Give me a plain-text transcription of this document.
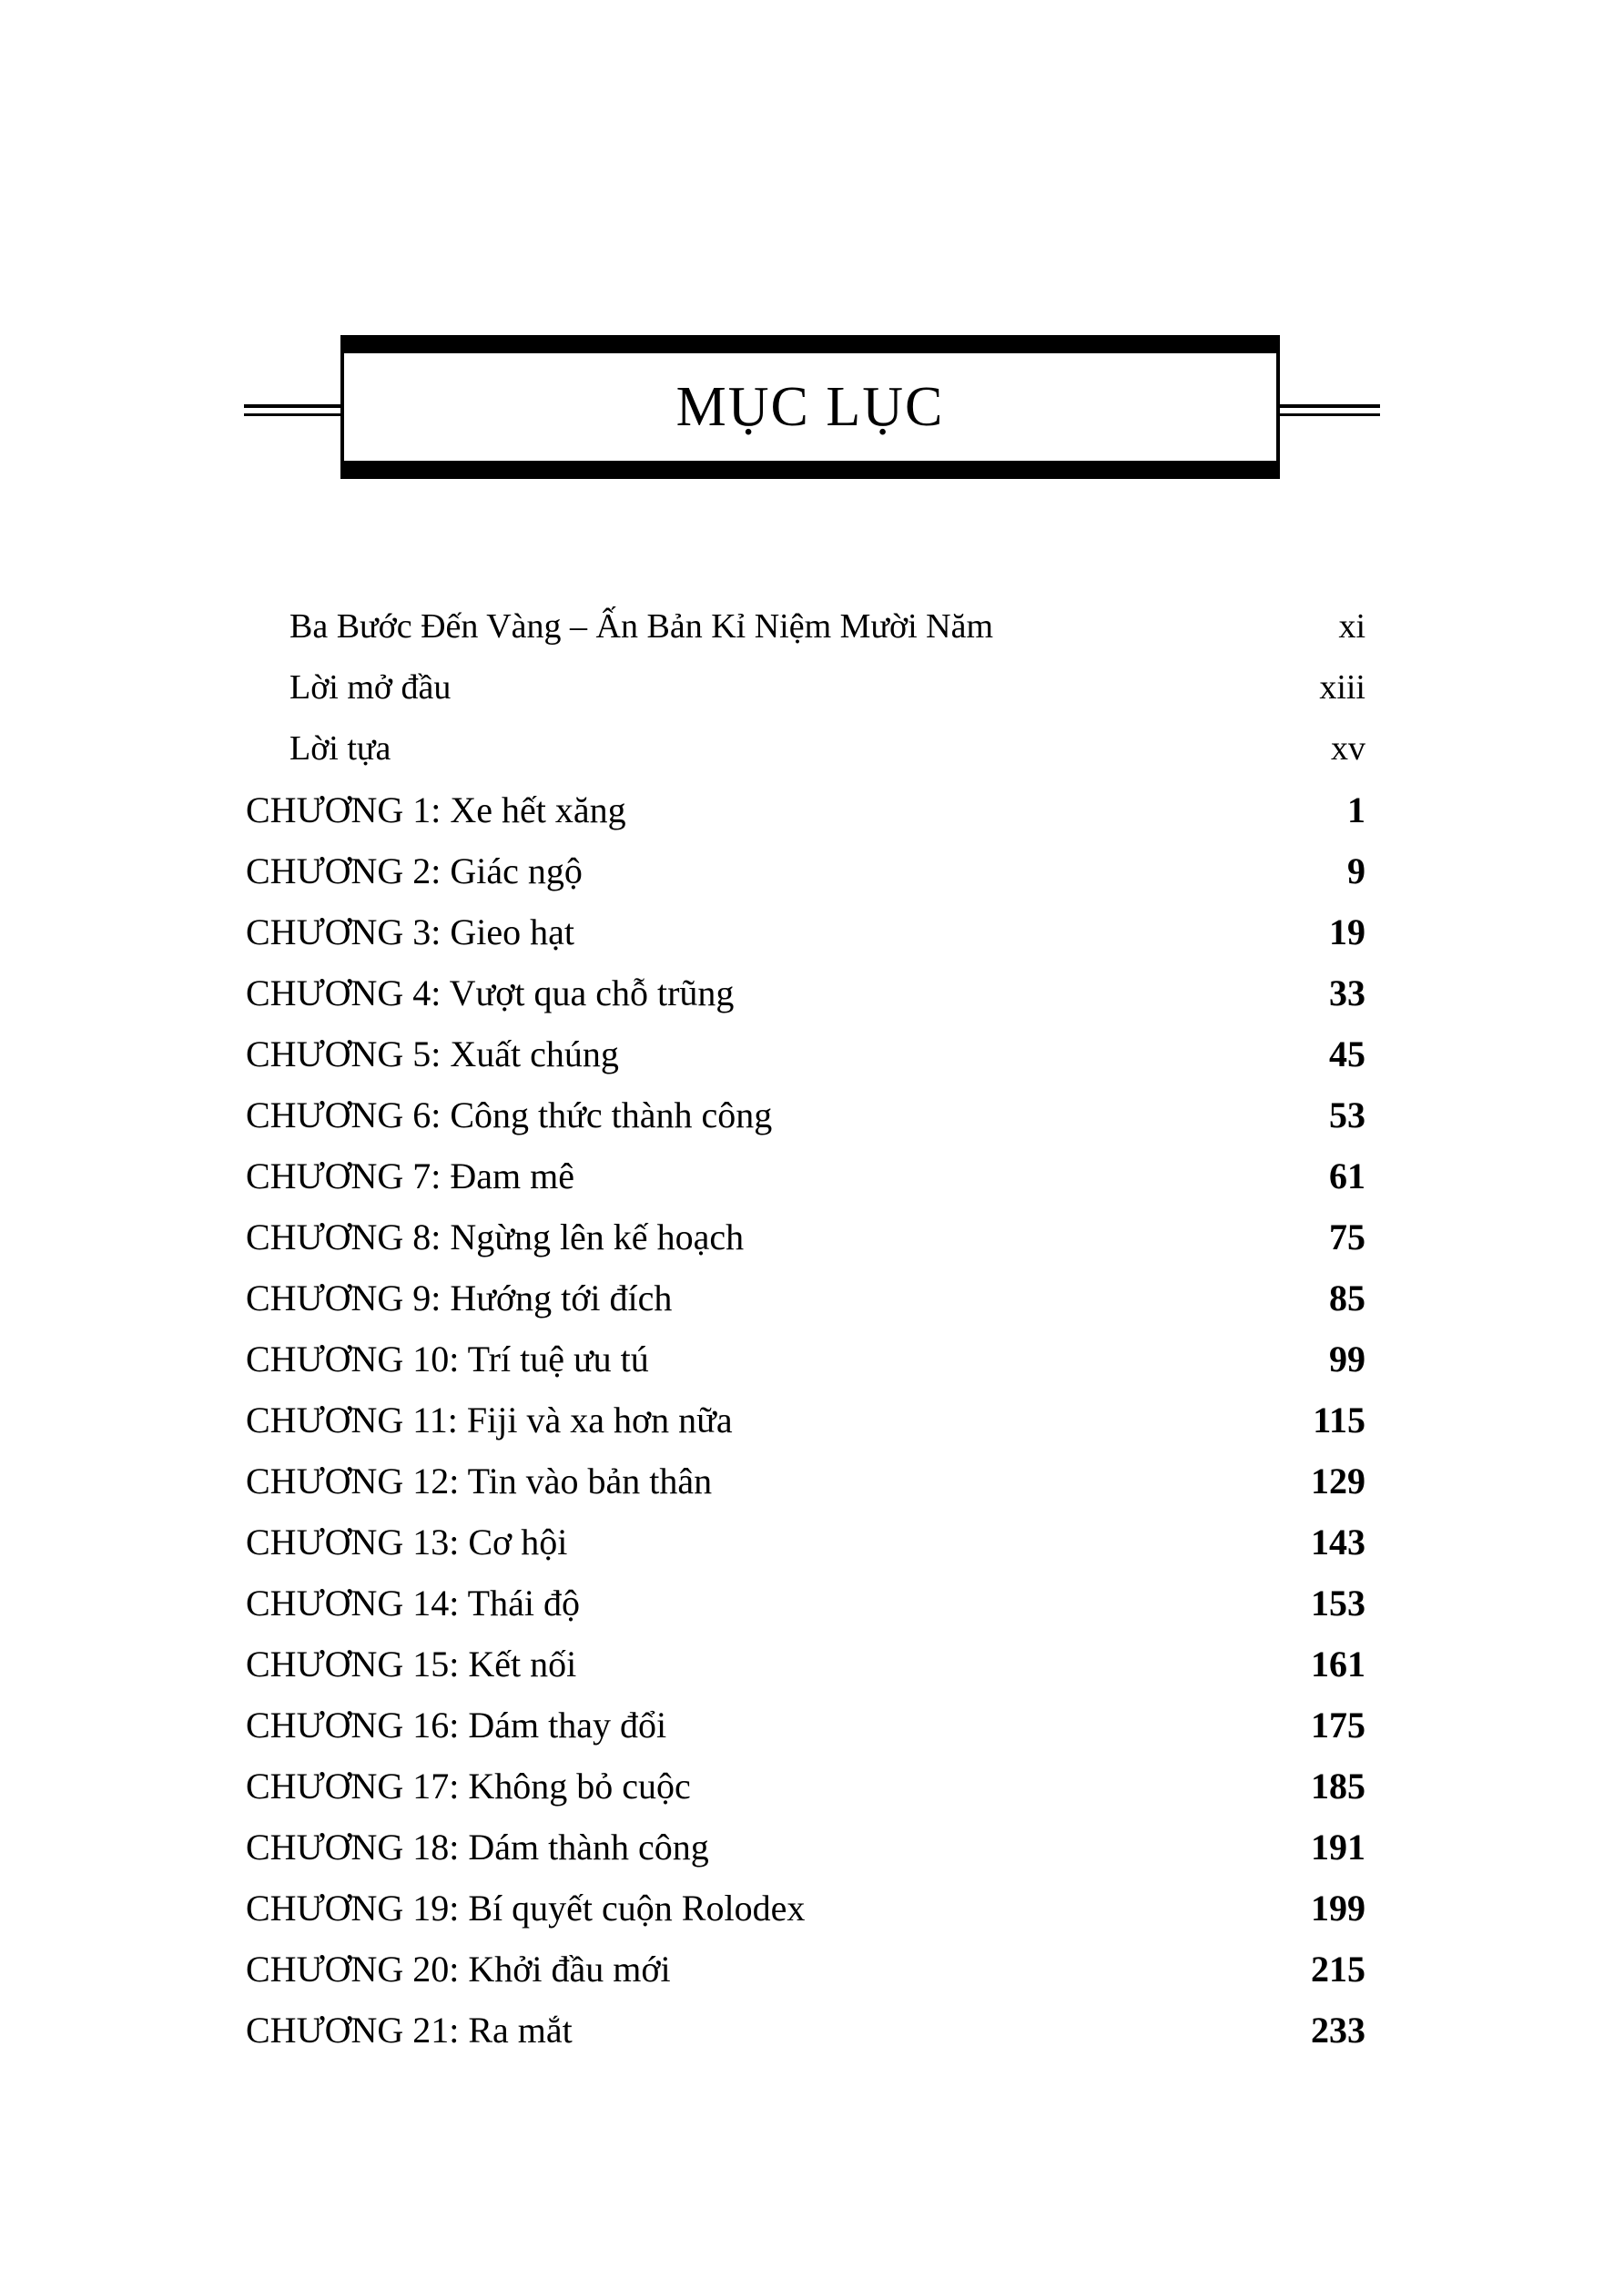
MỤC LỤC
Ba Bước Đến Vàng – Ấn Bản Kỉ Niệm Mười Năm	xi
Lời mở đầu	xiii
Lời tựa	xv
CHƯƠNG 1: Xe hết xăng	1
CHƯƠNG 2: Giác ngộ	9
CHƯƠNG 3: Gieo hạt	19
CHƯƠNG 4: Vượt qua chỗ trũng	33
CHƯƠNG 5: Xuất chúng	45
CHƯƠNG 6: Công thức thành công	53
CHƯƠNG 7: Đam mê	61
CHƯƠNG 8: Ngừng lên kế hoạch	75
CHƯƠNG 9: Hướng tới đích	85
CHƯƠNG 10: Trí tuệ ưu tú	99
CHƯƠNG 11: Fiji và xa hơn nữa	115
CHƯƠNG 12: Tin vào bản thân	129
CHƯƠNG 13: Cơ hội	143
CHƯƠNG 14: Thái độ	153
CHƯƠNG 15: Kết nối	161
CHƯƠNG 16: Dám thay đổi	175
CHƯƠNG 17: Không bỏ cuộc	185
CHƯƠNG 18: Dám thành công	191
CHƯƠNG 19: Bí quyết cuộn Rolodex	199
CHƯƠNG 20: Khởi đầu mới	215
CHƯƠNG 21: Ra mắt	233
